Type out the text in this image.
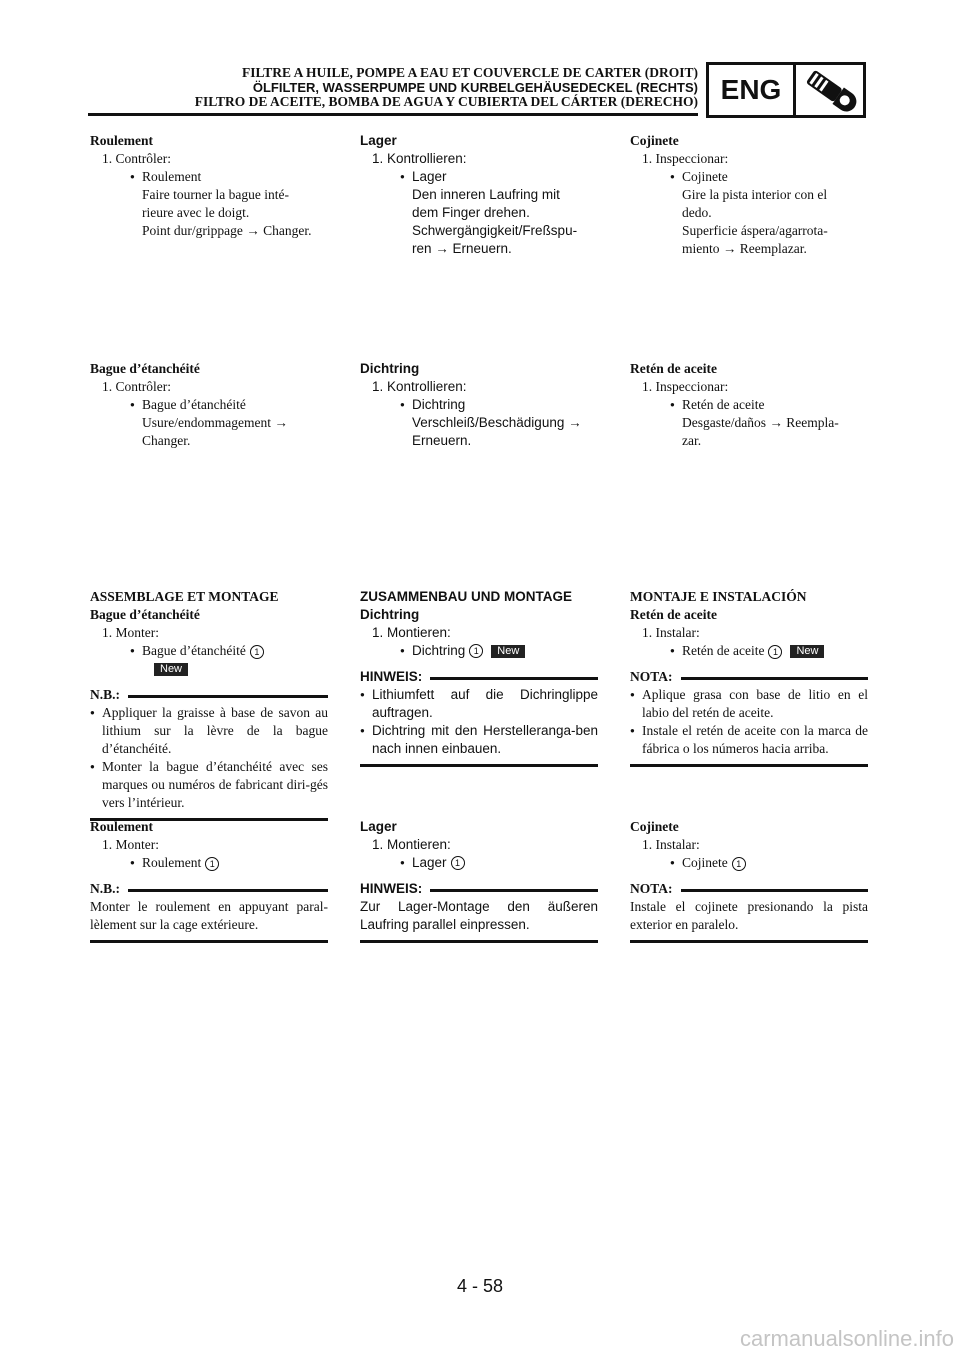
FILTRE A HUILE, POMPE A EAU ET COUVERCLE DE CARTER (DROIT)
ÖLFILTER, WASSERPUMPE UND KURBELGEHÄUSEDECKEL (RECHTS)
FILTRO DE ACEITE, BOMBA DE AGUA Y CUBIERTA DEL CÁRTER (DERECHO) ENG
Roulement
1. Contrôler:
● Roulement
Faire tourner la bague inté-
rieure avec le doigt.
Point dur/grippage → Changer.
Bague d’étanchéité
1. Contrôler:
● Bague d’étanchéité
Usure/endommagement →
Changer.
ASSEMBLAGE ET MONTAGE
Bague d’étanchéité
1. Monter:
● Bague d’étanchéité 1
New
N.B.:
● Appliquer la graisse à base de savon au lithium sur la lèvre de la bague d’étanchéité.
● Monter la bague d’étanchéité avec ses marques ou numéros de fabricant diri-gés vers l’intérieur.
Roulement
1. Monter:
● Roulement 1
N.B.:
Monter le roulement en appuyant paral-lèlement sur la cage extérieure.
Lager
1. Kontrollieren:
● Lager
Den inneren Laufring mit
dem Finger drehen.
Schwergängigkeit/Freßspu-
ren → Erneuern.
Dichtring
1. Kontrollieren:
● Dichtring
Verschleiß/Beschädigung →
Erneuern.
ZUSAMMENBAU UND MONTAGE
Dichtring
1. Montieren:
● Dichtring 1 New
HINWEIS:
● Lithiumfett auf die Dichringlippe auftragen.
● Dichtring mit den Herstelleranga-ben nach innen einbauen.
Lager
1. Montieren:
● Lager 1
HINWEIS:
Zur Lager-Montage den äußeren Laufring parallel einpressen.
Cojinete
1. Inspeccionar:
● Cojinete
Gire la pista interior con el
dedo.
Superficie áspera/agarrota-
miento → Reemplazar.
Retén de aceite
1. Inspeccionar:
● Retén de aceite
Desgaste/daños → Reempla-
zar.
MONTAJE E INSTALACIÓN
Retén de aceite
1. Instalar:
● Retén de aceite 1 New
NOTA:
● Aplique grasa con base de litio en el labio del retén de aceite.
● Instale el retén de aceite con la marca de fábrica o los números hacia arriba.
Cojinete
1. Instalar:
● Cojinete 1
NOTA:
Instale el cojinete presionando la pista exterior en paralelo.
4 - 58
carmanualsonline.info
